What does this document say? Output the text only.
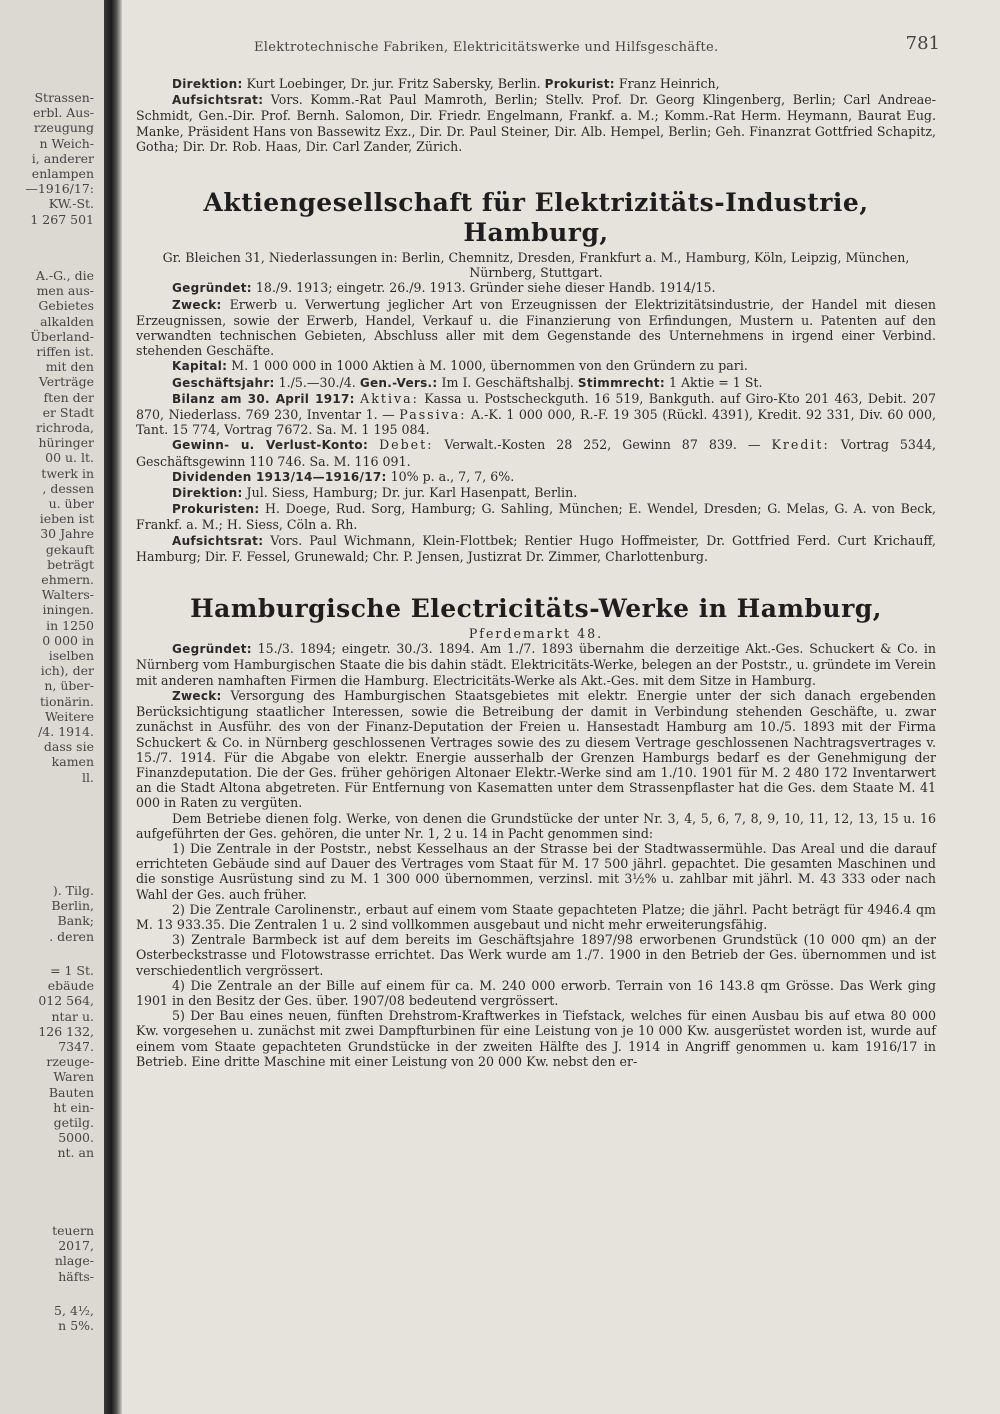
Strassen-
erbl. Aus-
rzeugung
n Weich-
i, anderer
enlampen
—1916/17:
KW.-St.
1 267 501
A.-G., die
men aus-
Gebietes
alkalden
Überland-
riffen ist.
mit den
Verträge
ften der
er Stadt
richroda,
hüringer
00 u. lt.
twerk in
, dessen
u. über
ieben ist
30 Jahre
gekauft
beträgt
ehmern.
Walters-
iningen.
in 1250
0 000 in
iselben
ich), der
n, über-
tionärin.
Weitere
/4. 1914.
dass sie
kamen
ll.
). Tilg.
Berlin,
Bank;
. deren
= 1 St.
ebäude
012 564,
ntar u.
126 132,
7347.
rzeuge-
Waren
Bauten
ht ein-
getilg.
5000.
nt. an
teuern
2017,
nlage-
häfts-
5, 4½,
n 5%.
Elektrotechnische Fabriken, Elektricitätswerke und Hilfsgeschäfte.	781

Direktion: Kurt Loebinger, Dr. jur. Fritz Sabersky, Berlin. Prokurist: Franz Heinrich,

Aufsichtsrat: Vors. Komm.-Rat Paul Mamroth, Berlin; Stellv. Prof. Dr. Georg Klingenberg, Berlin; Carl Andreae-Schmidt, Gen.-Dir. Prof. Bernh. Salomon, Dir. Friedr. Engelmann, Frankf. a. M.; Komm.-Rat Herm. Heymann, Baurat Eug. Manke, Präsident Hans von Bassewitz Exz., Dir. Dr. Paul Steiner, Dir. Alb. Hempel, Berlin; Geh. Finanzrat Gottfried Schapitz, Gotha; Dir. Dr. Rob. Haas, Dir. Carl Zander, Zürich.

Aktiengesellschaft für Elektrizitäts-Industrie, Hamburg,

Gr. Bleichen 31, Niederlassungen in: Berlin, Chemnitz, Dresden, Frankfurt a. M., Hamburg, Köln, Leipzig, München, Nürnberg, Stuttgart.

Gegründet: 18./9. 1913; eingetr. 26./9. 1913. Gründer siehe dieser Handb. 1914/15.

Zweck: Erwerb u. Verwertung jeglicher Art von Erzeugnissen der Elektrizitätsindustrie, der Handel mit diesen Erzeugnissen, sowie der Erwerb, Handel, Verkauf u. die Finanzierung von Erfindungen, Mustern u. Patenten auf den verwandten technischen Gebieten, Abschluss aller mit dem Gegenstande des Unternehmens in irgend einer Verbind. stehenden Geschäfte.

Kapital: M. 1 000 000 in 1000 Aktien à M. 1000, übernommen von den Gründern zu pari.

Geschäftsjahr: 1./5.—30./4. Gen.-Vers.: Im I. Geschäftshalbj. Stimmrecht: 1 Aktie = 1 St.

Bilanz am 30. April 1917: Aktiva: Kassa u. Postscheckguth. 16 519, Bankguth. auf Giro-Kto 201 463, Debit. 207 870, Niederlass. 769 230, Inventar 1. — Passiva: A.-K. 1 000 000, R.-F. 19 305 (Rückl. 4391), Kredit. 92 331, Div. 60 000, Tant. 15 774, Vortrag 7672. Sa. M. 1 195 084.

Gewinn- u. Verlust-Konto: Debet: Verwalt.-Kosten 28 252, Gewinn 87 839. — Kredit: Vortrag 5344, Geschäftsgewinn 110 746. Sa. M. 116 091.

Dividenden 1913/14—1916/17: 10% p. a., 7, 7, 6%.

Direktion: Jul. Siess, Hamburg; Dr. jur. Karl Hasenpatt, Berlin.

Prokuristen: H. Doege, Rud. Sorg, Hamburg; G. Sahling, München; E. Wendel, Dresden; G. Melas, G. A. von Beck, Frankf. a. M.; H. Siess, Cöln a. Rh.

Aufsichtsrat: Vors. Paul Wichmann, Klein-Flottbek; Rentier Hugo Hoffmeister, Dr. Gottfried Ferd. Curt Krichauff, Hamburg; Dir. F. Fessel, Grunewald; Chr. P. Jensen, Justizrat Dr. Zimmer, Charlottenburg.

Hamburgische Electricitäts-Werke in Hamburg,

Pferdemarkt 48.

Gegründet: 15./3. 1894; eingetr. 30./3. 1894. Am 1./7. 1893 übernahm die derzeitige Akt.-Ges. Schuckert & Co. in Nürnberg vom Hamburgischen Staate die bis dahin städt. Elektricitäts-Werke, belegen an der Poststr., u. gründete im Verein mit anderen namhaften Firmen die Hamburg. Electricitäts-Werke als Akt.-Ges. mit dem Sitze in Hamburg.

Zweck: Versorgung des Hamburgischen Staatsgebietes mit elektr. Energie unter der sich danach ergebenden Berücksichtigung staatlicher Interessen, sowie die Betreibung der damit in Verbindung stehenden Geschäfte, u. zwar zunächst in Ausführ. des von der Finanz-Deputation der Freien u. Hansestadt Hamburg am 10./5. 1893 mit der Firma Schuckert & Co. in Nürnberg geschlossenen Vertrages sowie des zu diesem Vertrage geschlossenen Nachtragsvertrages v. 15./7. 1914. Für die Abgabe von elektr. Energie ausserhalb der Grenzen Hamburgs bedarf es der Genehmigung der Finanzdeputation. Die der Ges. früher gehörigen Altonaer Elektr.-Werke sind am 1./10. 1901 für M. 2 480 172 Inventarwert an die Stadt Altona abgetreten. Für Entfernung von Kasematten unter dem Strassenpflaster hat die Ges. dem Staate M. 41 000 in Raten zu vergüten.

Dem Betriebe dienen folg. Werke, von denen die Grundstücke der unter Nr. 3, 4, 5, 6, 7, 8, 9, 10, 11, 12, 13, 15 u. 16 aufgeführten der Ges. gehören, die unter Nr. 1, 2 u. 14 in Pacht genommen sind:

1) Die Zentrale in der Poststr., nebst Kesselhaus an der Strasse bei der Stadtwassermühle. Das Areal und die darauf errichteten Gebäude sind auf Dauer des Vertrages vom Staat für M. 17 500 jährl. gepachtet. Die gesamten Maschinen und die sonstige Ausrüstung sind zu M. 1 300 000 übernommen, verzinsl. mit 3½% u. zahlbar mit jährl. M. 43 333 oder nach Wahl der Ges. auch früher.

2) Die Zentrale Carolinenstr., erbaut auf einem vom Staate gepachteten Platze; die jährl. Pacht beträgt für 4946.4 qm M. 13 933.35. Die Zentralen 1 u. 2 sind vollkommen ausgebaut und nicht mehr erweiterungsfähig.

3) Zentrale Barmbeck ist auf dem bereits im Geschäftsjahre 1897/98 erworbenen Grundstück (10 000 qm) an der Osterbeckstrasse und Flotowstrasse errichtet. Das Werk wurde am 1./7. 1900 in den Betrieb der Ges. übernommen und ist verschiedentlich vergrössert.

4) Die Zentrale an der Bille auf einem für ca. M. 240 000 erworb. Terrain von 16 143.8 qm Grösse. Das Werk ging 1901 in den Besitz der Ges. über. 1907/08 bedeutend vergrössert.

5) Der Bau eines neuen, fünften Drehstrom-Kraftwerkes in Tiefstack, welches für einen Ausbau bis auf etwa 80 000 Kw. vorgesehen u. zunächst mit zwei Dampfturbinen für eine Leistung von je 10 000 Kw. ausgerüstet worden ist, wurde auf einem vom Staate gepachteten Grundstücke in der zweiten Hälfte des J. 1914 in Angriff genommen u. kam 1916/17 in Betrieb. Eine dritte Maschine mit einer Leistung von 20 000 Kw. nebst den er-
